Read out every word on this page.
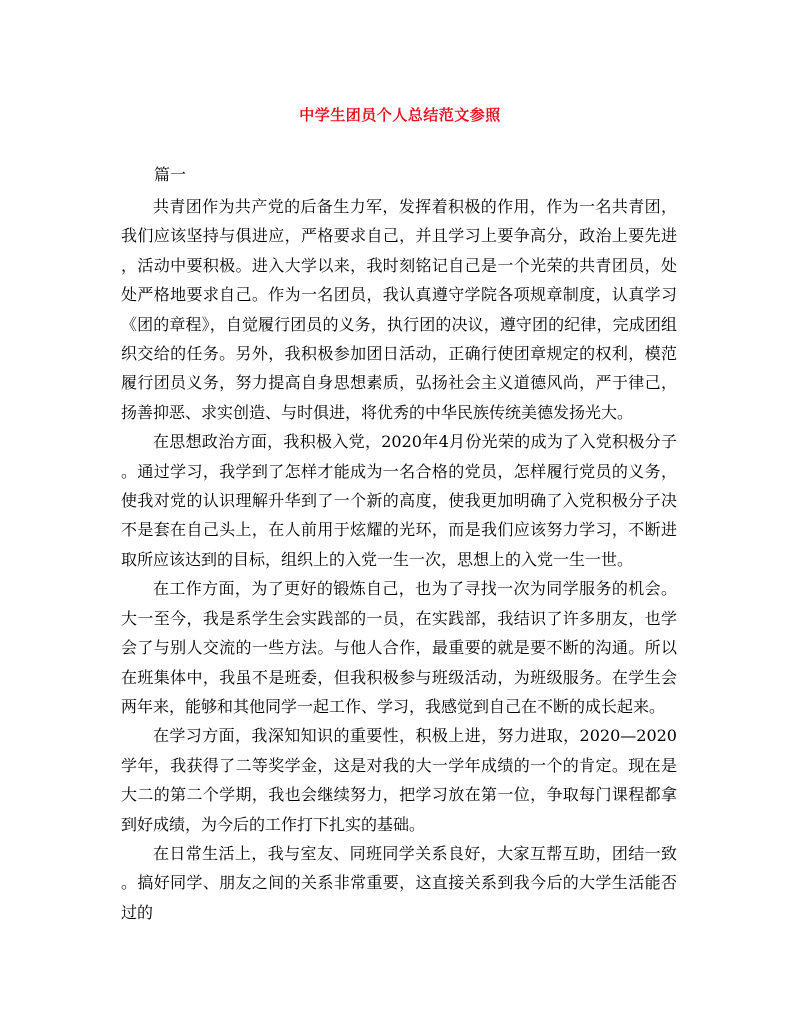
中学生团员个人总结范文参照
篇一

共青团作为共产党的后备生力军，发挥着积极的作用，作为一名共青团，我们应该坚持与俱进应，严格要求自己，并且学习上要争高分，政治上要先进，活动中要积极。进入大学以来，我时刻铭记自己是一个光荣的共青团员，处处严格地要求自己。作为一名团员，我认真遵守学院各项规章制度，认真学习《团的章程》，自觉履行团员的义务，执行团的决议，遵守团的纪律，完成团组织交给的任务。另外，我积极参加团日活动，正确行使团章规定的权利，模范履行团员义务，努力提高自身思想素质，弘扬社会主义道德风尚，严于律己，扬善抑恶、求实创造、与时俱进，将优秀的中华民族传统美德发扬光大。

在思想政治方面，我积极入党，2020年4月份光荣的成为了入党积极分子。通过学习，我学到了怎样才能成为一名合格的党员，怎样履行党员的义务，使我对党的认识理解升华到了一个新的高度，使我更加明确了入党积极分子决不是套在自己头上，在人前用于炫耀的光环，而是我们应该努力学习，不断进取所应该达到的目标，组织上的入党一生一次，思想上的入党一生一世。

在工作方面，为了更好的锻炼自己，也为了寻找一次为同学服务的机会。大一至今，我是系学生会实践部的一员，在实践部，我结识了许多朋友，也学会了与别人交流的一些方法。与他人合作，最重要的就是要不断的沟通。所以在班集体中，我虽不是班委，但我积极参与班级活动，为班级服务。在学生会两年来，能够和其他同学一起工作、学习，我感觉到自己在不断的成长起来。

在学习方面，我深知知识的重要性，积极上进，努力进取，2020—2020学年，我获得了二等奖学金，这是对我的大一学年成绩的一个的肯定。现在是大二的第二个学期，我也会继续努力，把学习放在第一位，争取每门课程都拿到好成绩，为今后的工作打下扎实的基础。

在日常生活上，我与室友、同班同学关系良好，大家互帮互助，团结一致。搞好同学、朋友之间的关系非常重要，这直接关系到我今后的大学生活能否过的
